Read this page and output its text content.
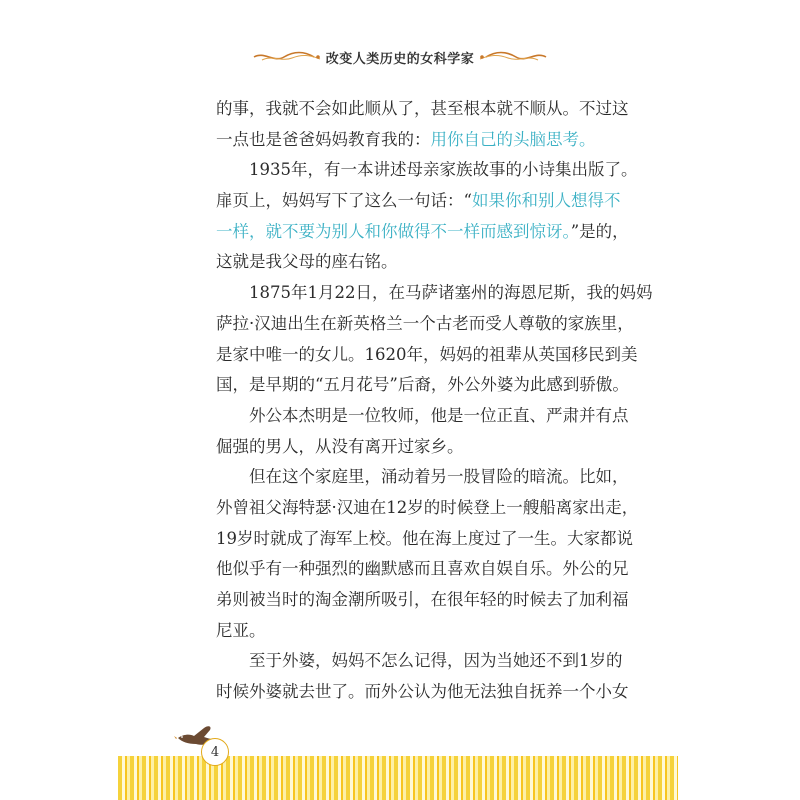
改变人类历史的女科学家
的事，我就不会如此顺从了，甚至根本就不顺从。不过这
一点也是爸爸妈妈教育我的：用你自己的头脑思考。
1935年，有一本讲述母亲家族故事的小诗集出版了。
扉页上，妈妈写下了这么一句话：“如果你和别人想得不
一样，就不要为别人和你做得不一样而感到惊讶。”是的，
这就是我父母的座右铭。
1875年1月22日，在马萨诸塞州的海恩尼斯，我的妈妈
萨拉·汉迪出生在新英格兰一个古老而受人尊敬的家族里，
是家中唯一的女儿。1620年，妈妈的祖辈从英国移民到美
国，是早期的“五月花号”后裔，外公外婆为此感到骄傲。
外公本杰明是一位牧师，他是一位正直、严肃并有点
倔强的男人，从没有离开过家乡。
但在这个家庭里，涌动着另一股冒险的暗流。比如，
外曾祖父海特瑟·汉迪在12岁的时候登上一艘船离家出走，
19岁时就成了海军上校。他在海上度过了一生。大家都说
他似乎有一种强烈的幽默感而且喜欢自娱自乐。外公的兄
弟则被当时的淘金潮所吸引，在很年轻的时候去了加利福
尼亚。
至于外婆，妈妈不怎么记得，因为当她还不到1岁的
时候外婆就去世了。而外公认为他无法独自抚养一个小女
4
